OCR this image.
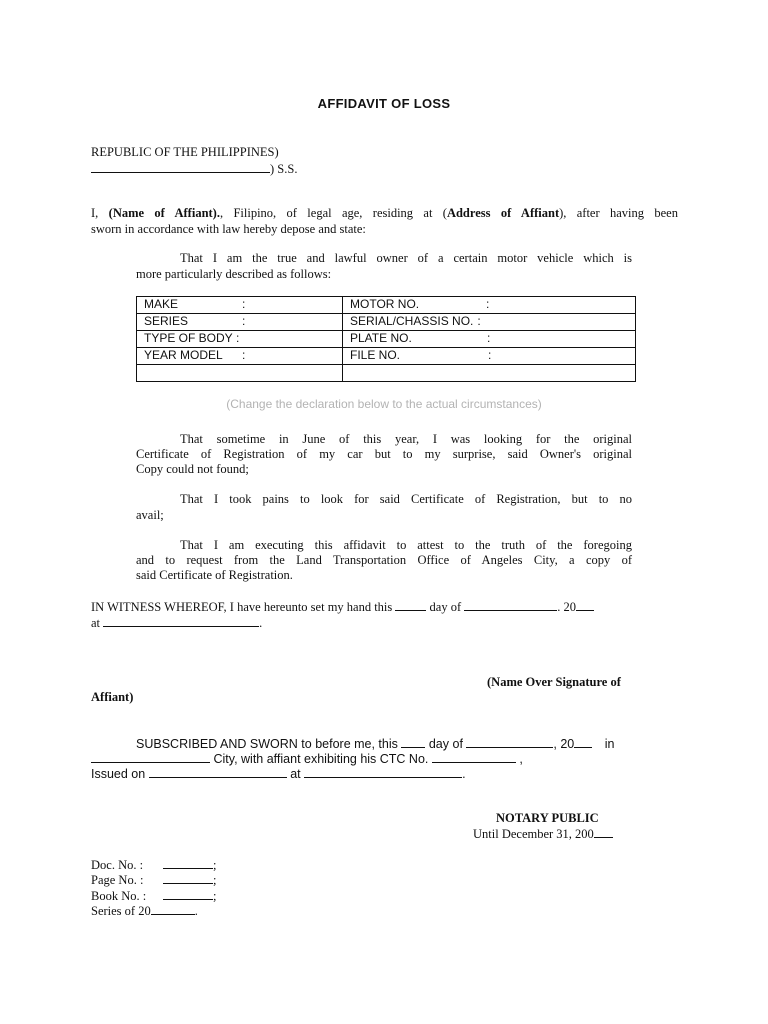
AFFIDAVIT OF LOSS
REPUBLIC OF THE PHILIPPINES)
) S.S.
I, (Name of Affiant)., Filipino, of legal age, residing at (Address of Affiant), after having been
sworn in accordance with law hereby depose and state:
That I am the true and lawful owner of a certain motor vehicle which is
more particularly described as follows:
MAKE :	MOTOR NO. :
SERIES :	SERIAL/CHASSIS NO. :
TYPE OF BODY :	PLATE NO. :
YEAR MODEL :	FILE NO. :

(Change the declaration below to the actual circumstances)
That sometime in June of this year, I was looking for the original
Certificate of Registration of my car but to my surprise, said Owner's original
Copy could not found;
That I took pains to look for said Certificate of Registration, but to no
avail;
That I am executing this affidavit to attest to the truth of the foregoing
and to request from the Land Transportation Office of Angeles City, a copy of
said Certificate of Registration.
IN WITNESS WHEREOF, I have hereunto set my hand this	day of	. 20
at	.
(Name Over Signature of
Affiant)
SUBSCRIBED AND SWORN to before me, this day of	, 20 in
City, with affiant exhibiting his CTC No.	,
Issued on	at	.
NOTARY PUBLIC
Until December 31, 200
Doc. No. :	;
Page No. :	;
Book No. :	;
Series of 20	.
